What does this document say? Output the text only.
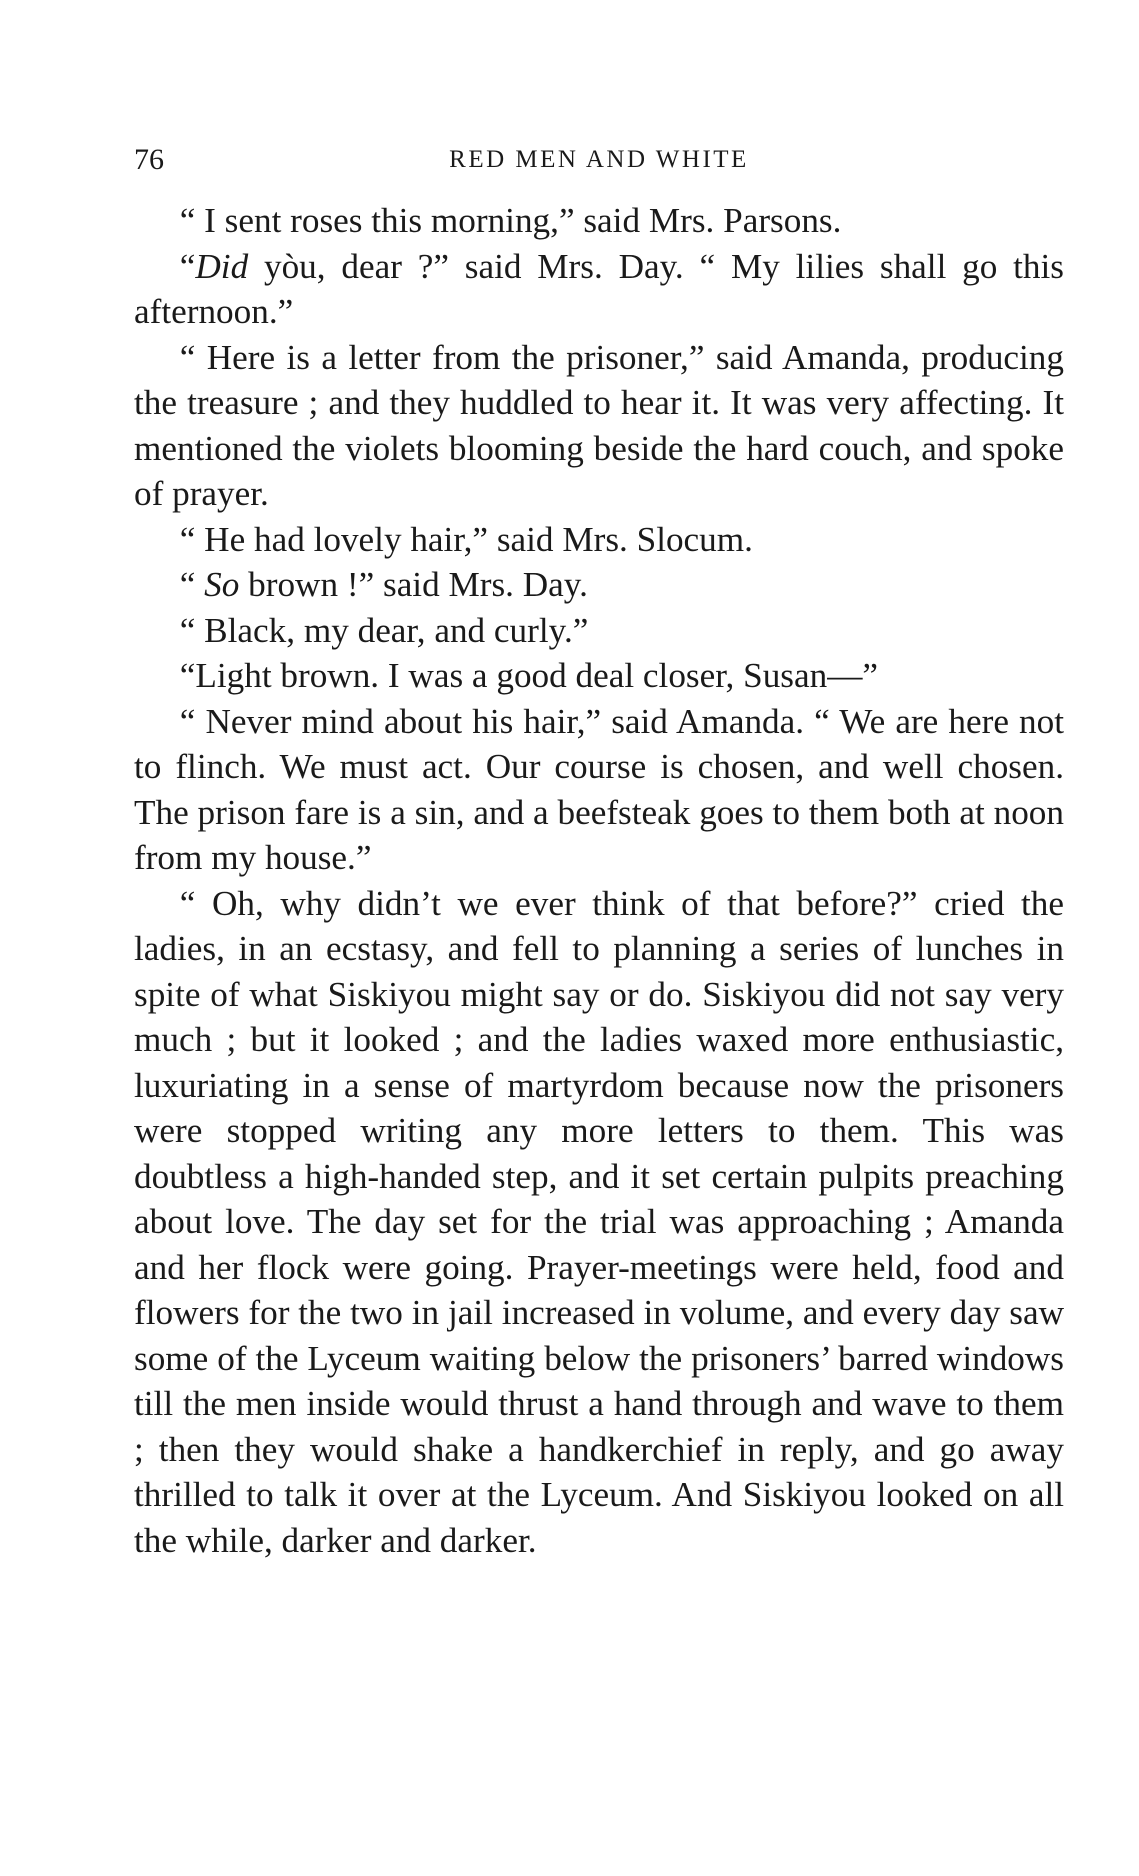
76	RED MEN AND WHITE

“ I sent roses this morning,” said Mrs. Parsons.

“Did yòu, dear ?” said Mrs. Day. “ My lilies shall go this afternoon.”

“ Here is a letter from the prisoner,” said Amanda, producing the treasure ; and they huddled to hear it. It was very affecting. It mentioned the violets blooming beside the hard couch, and spoke of prayer.

“ He had lovely hair,” said Mrs. Slocum.

“ So brown !” said Mrs. Day.

“ Black, my dear, and curly.”

“Light brown. I was a good deal closer, Susan—”

“ Never mind about his hair,” said Amanda. “ We are here not to flinch. We must act. Our course is chosen, and well chosen. The prison fare is a sin, and a beefsteak goes to them both at noon from my house.”

“ Oh, why didn’t we ever think of that before?” cried the ladies, in an ecstasy, and fell to planning a series of lunches in spite of what Siskiyou might say or do. Siskiyou did not say very much ; but it looked ; and the ladies waxed more enthusiastic, luxuriating in a sense of martyrdom because now the prisoners were stopped writing any more letters to them. This was doubtless a high-handed step, and it set certain pulpits preaching about love. The day set for the trial was approaching ; Amanda and her flock were going. Prayer-meetings were held, food and flowers for the two in jail increased in volume, and every day saw some of the Lyceum waiting below the prisoners’ barred windows till the men inside would thrust a hand through and wave to them ; then they would shake a handkerchief in reply, and go away thrilled to talk it over at the Lyceum. And Siskiyou looked on all the while, darker and darker.
